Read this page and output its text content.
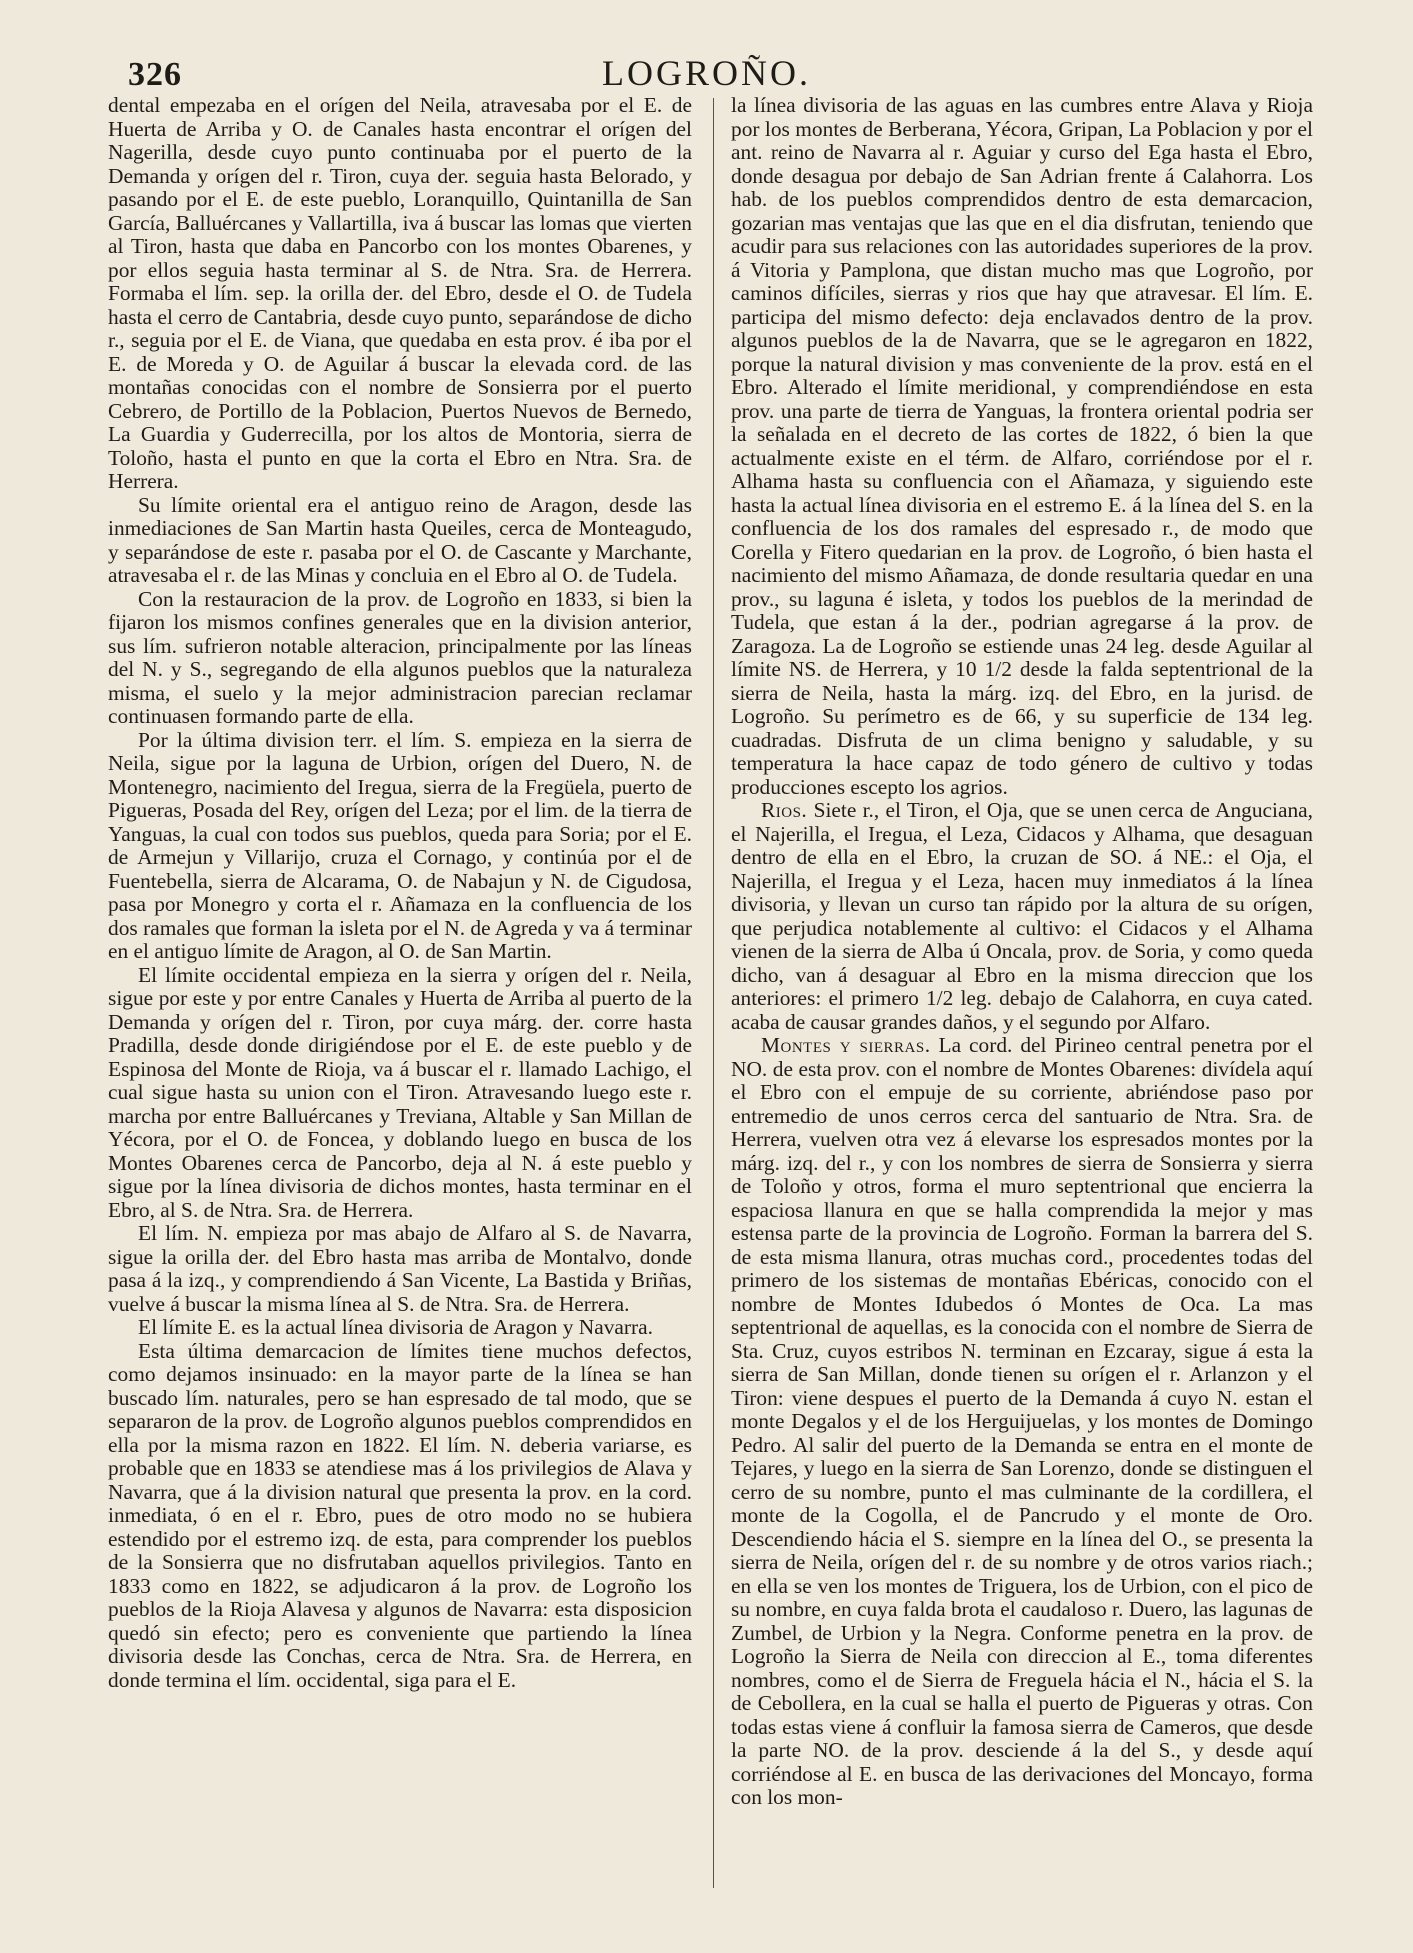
326	LOGROÑO.

dental empezaba en el orígen del Neila, atravesaba por el E. de Huerta de Arriba y O. de Canales hasta encontrar el orígen del Nagerilla, desde cuyo punto continuaba por el puerto de la Demanda y orígen del r. Tiron, cuya der. seguia hasta Belorado, y pasando por el E. de este pueblo, Loranquillo, Quintanilla de San García, Balluércanes y Vallartilla, iva á buscar las lomas que vierten al Tiron, hasta que daba en Pancorbo con los montes Obarenes, y por ellos seguia hasta terminar al S. de Ntra. Sra. de Herrera. Formaba el lím. sep. la orilla der. del Ebro, desde el O. de Tudela hasta el cerro de Cantabria, desde cuyo punto, separándose de dicho r., seguia por el E. de Viana, que quedaba en esta prov. é iba por el E. de Moreda y O. de Aguilar á buscar la elevada cord. de las montañas conocidas con el nombre de Sonsierra por el puerto Cebrero, de Portillo de la Poblacion, Puertos Nuevos de Bernedo, La Guardia y Guderrecilla, por los altos de Montoria, sierra de Toloño, hasta el punto en que la corta el Ebro en Ntra. Sra. de Herrera.

Su límite oriental era el antiguo reino de Aragon, desde las inmediaciones de San Martin hasta Queiles, cerca de Monteagudo, y separándose de este r. pasaba por el O. de Cascante y Marchante, atravesaba el r. de las Minas y concluia en el Ebro al O. de Tudela.

Con la restauracion de la prov. de Logroño en 1833, si bien la fijaron los mismos confines generales que en la division anterior, sus lím. sufrieron notable alteracion, principalmente por las líneas del N. y S., segregando de ella algunos pueblos que la naturaleza misma, el suelo y la mejor administracion parecian reclamar continuasen formando parte de ella.

Por la última division terr. el lím. S. empieza en la sierra de Neila, sigue por la laguna de Urbion, orígen del Duero, N. de Montenegro, nacimiento del Iregua, sierra de la Fregüela, puerto de Pigueras, Posada del Rey, orígen del Leza; por el lim. de la tierra de Yanguas, la cual con todos sus pueblos, queda para Soria; por el E. de Armejun y Villarijo, cruza el Cornago, y continúa por el de Fuentebella, sierra de Alcarama, O. de Nabajun y N. de Cigudosa, pasa por Monegro y corta el r. Añamaza en la confluencia de los dos ramales que forman la isleta por el N. de Agreda y va á terminar en el antiguo límite de Aragon, al O. de San Martin.

El límite occidental empieza en la sierra y orígen del r. Neila, sigue por este y por entre Canales y Huerta de Arriba al puerto de la Demanda y orígen del r. Tiron, por cuya márg. der. corre hasta Pradilla, desde donde dirigiéndose por el E. de este pueblo y de Espinosa del Monte de Rioja, va á buscar el r. llamado Lachigo, el cual sigue hasta su union con el Tiron. Atravesando luego este r. marcha por entre Balluércanes y Treviana, Altable y San Millan de Yécora, por el O. de Foncea, y doblando luego en busca de los Montes Obarenes cerca de Pancorbo, deja al N. á este pueblo y sigue por la línea divisoria de dichos montes, hasta terminar en el Ebro, al S. de Ntra. Sra. de Herrera.

El lím. N. empieza por mas abajo de Alfaro al S. de Navarra, sigue la orilla der. del Ebro hasta mas arriba de Montalvo, donde pasa á la izq., y comprendiendo á San Vicente, La Bastida y Briñas, vuelve á buscar la misma línea al S. de Ntra. Sra. de Herrera.

El límite E. es la actual línea divisoria de Aragon y Navarra.

Esta última demarcacion de límites tiene muchos defectos, como dejamos insinuado: en la mayor parte de la línea se han buscado lím. naturales, pero se han espresado de tal modo, que se separaron de la prov. de Logroño algunos pueblos comprendidos en ella por la misma razon en 1822. El lím. N. deberia variarse, es probable que en 1833 se atendiese mas á los privilegios de Alava y Navarra, que á la division natural que presenta la prov. en la cord. inmediata, ó en el r. Ebro, pues de otro modo no se hubiera estendido por el estremo izq. de esta, para comprender los pueblos de la Sonsierra que no disfrutaban aquellos privilegios. Tanto en 1833 como en 1822, se adjudicaron á la prov. de Logroño los pueblos de la Rioja Alavesa y algunos de Navarra: esta disposicion quedó sin efecto; pero es conveniente que partiendo la línea divisoria desde las Conchas, cerca de Ntra. Sra. de Herrera, en donde termina el lím. occidental, siga para el E.

la línea divisoria de las aguas en las cumbres entre Alava y Rioja por los montes de Berberana, Yécora, Gripan, La Poblacion y por el ant. reino de Navarra al r. Aguiar y curso del Ega hasta el Ebro, donde desagua por debajo de San Adrian frente á Calahorra. Los hab. de los pueblos comprendidos dentro de esta demarcacion, gozarian mas ventajas que las que en el dia disfrutan, teniendo que acudir para sus relaciones con las autoridades superiores de la prov. á Vitoria y Pamplona, que distan mucho mas que Logroño, por caminos difíciles, sierras y rios que hay que atravesar. El lím. E. participa del mismo defecto: deja enclavados dentro de la prov. algunos pueblos de la de Navarra, que se le agregaron en 1822, porque la natural division y mas conveniente de la prov. está en el Ebro. Alterado el límite meridional, y comprendiéndose en esta prov. una parte de tierra de Yanguas, la frontera oriental podria ser la señalada en el decreto de las cortes de 1822, ó bien la que actualmente existe en el térm. de Alfaro, corriéndose por el r. Alhama hasta su confluencia con el Añamaza, y siguiendo este hasta la actual línea divisoria en el estremo E. á la línea del S. en la confluencia de los dos ramales del espresado r., de modo que Corella y Fitero quedarian en la prov. de Logroño, ó bien hasta el nacimiento del mismo Añamaza, de donde resultaria quedar en una prov., su laguna é isleta, y todos los pueblos de la merindad de Tudela, que estan á la der., podrian agregarse á la prov. de Zaragoza. La de Logroño se estiende unas 24 leg. desde Aguilar al límite NS. de Herrera, y 10 1/2 desde la falda septentrional de la sierra de Neila, hasta la márg. izq. del Ebro, en la jurisd. de Logroño. Su perímetro es de 66, y su superficie de 134 leg. cuadradas. Disfruta de un clima benigno y saludable, y su temperatura la hace capaz de todo género de cultivo y todas producciones escepto los agrios.

Rios. Siete r., el Tiron, el Oja, que se unen cerca de Anguciana, el Najerilla, el Iregua, el Leza, Cidacos y Alhama, que desaguan dentro de ella en el Ebro, la cruzan de SO. á NE.: el Oja, el Najerilla, el Iregua y el Leza, hacen muy inmediatos á la línea divisoria, y llevan un curso tan rápido por la altura de su orígen, que perjudica notablemente al cultivo: el Cidacos y el Alhama vienen de la sierra de Alba ú Oncala, prov. de Soria, y como queda dicho, van á desaguar al Ebro en la misma direccion que los anteriores: el primero 1/2 leg. debajo de Calahorra, en cuya cated. acaba de causar grandes daños, y el segundo por Alfaro.

Montes y sierras. La cord. del Pirineo central penetra por el NO. de esta prov. con el nombre de Montes Obarenes: divídela aquí el Ebro con el empuje de su corriente, abriéndose paso por entremedio de unos cerros cerca del santuario de Ntra. Sra. de Herrera, vuelven otra vez á elevarse los espresados montes por la márg. izq. del r., y con los nombres de sierra de Sonsierra y sierra de Toloño y otros, forma el muro septentrional que encierra la espaciosa llanura en que se halla comprendida la mejor y mas estensa parte de la provincia de Logroño. Forman la barrera del S. de esta misma llanura, otras muchas cord., procedentes todas del primero de los sistemas de montañas Ebéricas, conocido con el nombre de Montes Idubedos ó Montes de Oca. La mas septentrional de aquellas, es la conocida con el nombre de Sierra de Sta. Cruz, cuyos estribos N. terminan en Ezcaray, sigue á esta la sierra de San Millan, donde tienen su orígen el r. Arlanzon y el Tiron: viene despues el puerto de la Demanda á cuyo N. estan el monte Degalos y el de los Herguijuelas, y los montes de Domingo Pedro. Al salir del puerto de la Demanda se entra en el monte de Tejares, y luego en la sierra de San Lorenzo, donde se distinguen el cerro de su nombre, punto el mas culminante de la cordillera, el monte de la Cogolla, el de Pancrudo y el monte de Oro. Descendiendo hácia el S. siempre en la línea del O., se presenta la sierra de Neila, orígen del r. de su nombre y de otros varios riach.; en ella se ven los montes de Triguera, los de Urbion, con el pico de su nombre, en cuya falda brota el caudaloso r. Duero, las lagunas de Zumbel, de Urbion y la Negra. Conforme penetra en la prov. de Logroño la Sierra de Neila con direccion al E., toma diferentes nombres, como el de Sierra de Freguela hácia el N., hácia el S. la de Cebollera, en la cual se halla el puerto de Pigueras y otras. Con todas estas viene á confluir la famosa sierra de Cameros, que desde la parte NO. de la prov. desciende á la del S., y desde aquí corriéndose al E. en busca de las derivaciones del Moncayo, forma con los mon-
